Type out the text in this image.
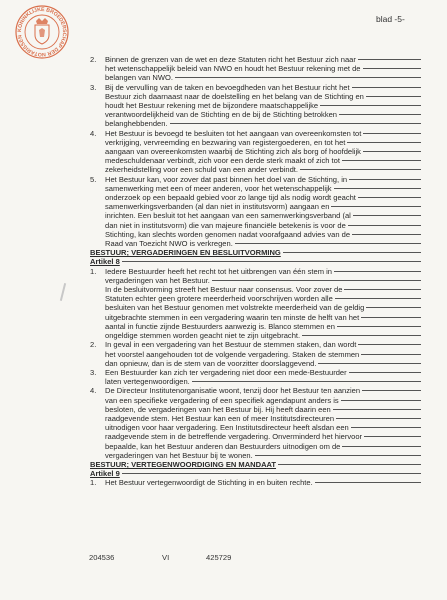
KONINKLIJKE BROEDERSCHAP DER NOTARISSEN
blad -5-
2.	Binnen de grenzen van de wet en deze Statuten richt het Bestuur zich naar
het wetenschappelijk beleid van NWO en houdt het Bestuur rekening met de
belangen van NWO.
3.	Bij de vervulling van de taken en bevoegdheden van het Bestuur richt het
Bestuur zich daarnaast naar de doelstelling en het belang van de Stichting en
houdt het Bestuur rekening met de bijzondere maatschappelijke
verantwoordelijkheid van de Stichting en de bij de Stichting betrokken
belanghebbenden.
4.	Het Bestuur is bevoegd te besluiten tot het aangaan van overeenkomsten tot
verkrijging, vervreemding en bezwaring van registergoederen, en tot het
aangaan van overeenkomsten waarbij de Stichting zich als borg of hoofdelijk
medeschuldenaar verbindt, zich voor een derde sterk maakt of zich tot
zekerheidstelling voor een schuld van een ander verbindt.
5.	Het Bestuur kan, voor zover dat past binnen het doel van de Stichting, in
samenwerking met een of meer anderen, voor het wetenschappelijk
onderzoek op een bepaald gebied voor zo lange tijd als nodig wordt geacht
samenwerkingsverbanden (al dan niet in institutsvorm) aangaan en
inrichten. Een besluit tot het aangaan van een samenwerkingsverband (al
dan niet in institutsvorm) die van majeure financiële betekenis is voor de
Stichting, kan slechts worden genomen nadat voorafgaand advies van de
Raad van Toezicht NWO is verkregen.
BESTUUR; VERGADERINGEN EN BESLUITVORMING
Artikel 8
1.	Iedere Bestuurder heeft het recht tot het uitbrengen van één stem in
vergaderingen van het Bestuur.
In de besluitvorming streeft het Bestuur naar consensus. Voor zover de
Statuten echter geen grotere meerderheid voorschrijven worden alle
besluiten van het Bestuur genomen met volstrekte meerderheid van de geldig
uitgebrachte stemmen in een vergadering waarin ten minste de helft van het
aantal in functie zijnde Bestuurders aanwezig is. Blanco stemmen en
ongeldige stemmen worden geacht niet te zijn uitgebracht.
2.	In geval in een vergadering van het Bestuur de stemmen staken, dan wordt
het voorstel aangehouden tot de volgende vergadering. Staken de stemmen
dan opnieuw, dan is de stem van de voorzitter doorslaggevend.
3.	Een Bestuurder kan zich ter vergadering niet door een mede-Bestuurder
laten vertegenwoordigen.
4.	De Directeur Institutenorganisatie woont, tenzij door het Bestuur ten aanzien
van een specifieke vergadering of een specifiek agendapunt anders is
besloten, de vergaderingen van het Bestuur bij. Hij heeft daarin een
raadgevende stem. Het Bestuur kan een of meer Institutsdirecteuren
uitnodigen voor haar vergadering. Een Institutsdirecteur heeft alsdan een
raadgevende stem in de betreffende vergadering. Onverminderd het hiervoor
bepaalde, kan het Bestuur anderen dan Bestuurders uitnodigen om de
vergaderingen van het Bestuur bij te wonen.
BESTUUR; VERTEGENWOORDIGING EN MANDAAT
Artikel 9
1.	Het Bestuur vertegenwoordigt de Stichting in en buiten rechte.
204536	VI	425729
